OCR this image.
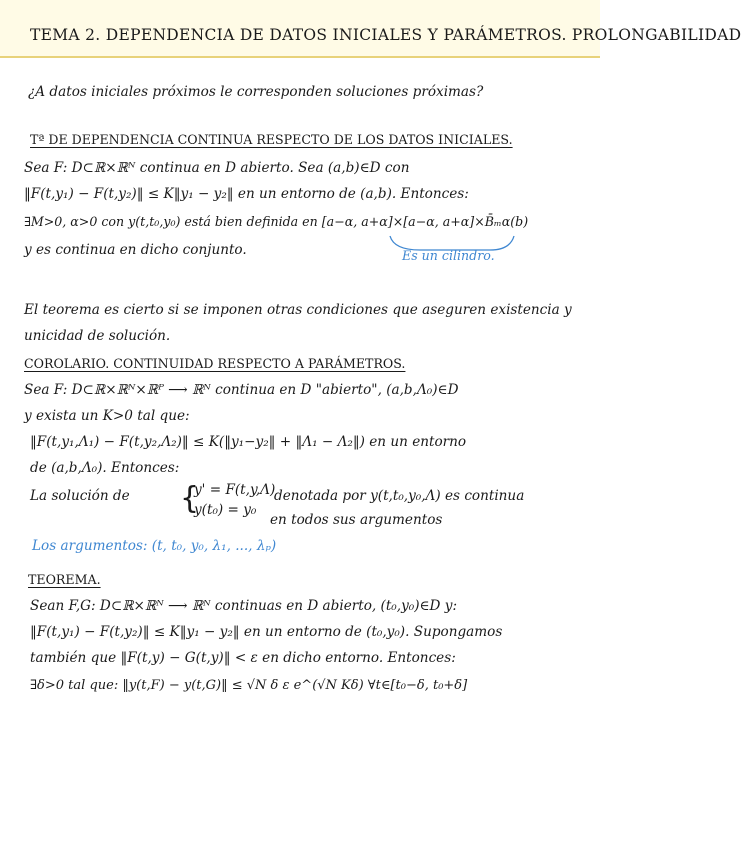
TEMA 2. DEPENDENCIA DE DATOS INICIALES Y PARÁMETROS. PROLONGABILIDAD
¿A datos iniciales próximos le corresponden soluciones próximas?
Tª DE DEPENDENCIA CONTINUA RESPECTO DE LOS DATOS INICIALES.
Sea F: D⊂ℝ×ℝᴺ continua en D abierto. Sea (a,b)∈D con
‖F(t,y₁) − F(t,y₂)‖ ≤ K‖y₁ − y₂‖ en un entorno de (a,b). Entonces:
∃M>0, α>0 con y(t,t₀,y₀) está bien definida en [a−α, a+α]×[a−α, a+α]×B̄ₘα(b)
y es continua en dicho conjunto.	Es un cilindro.
El teorema es cierto si se imponen otras condiciones que aseguren existencia y
unicidad de solución.
COROLARIO. CONTINUIDAD RESPECTO A PARÁMETROS.
Sea F: D⊂ℝ×ℝᴺ×ℝᴾ ⟶ ℝᴺ continua en D "abierto", (a,b,Λ₀)∈D
y exista un K>0 tal que:
‖F(t,y₁,Λ₁) − F(t,y₂,Λ₂)‖ ≤ K(‖y₁−y₂‖ + ‖Λ₁ − Λ₂‖) en un entorno
de (a,b,Λ₀). Entonces:
La solución de {
y' = F(t,y,Λ)
y(t₀) = y₀
denotada por y(t,t₀,y₀,Λ) es continua
en todos sus argumentos
Los argumentos: (t, t₀, y₀, λ₁, ..., λₚ)
TEOREMA.
Sean F,G: D⊂ℝ×ℝᴺ ⟶ ℝᴺ continuas en D abierto, (t₀,y₀)∈D y:
‖F(t,y₁) − F(t,y₂)‖ ≤ K‖y₁ − y₂‖ en un entorno de (t₀,y₀). Supongamos
también que ‖F(t,y) − G(t,y)‖ < ε en dicho entorno. Entonces:
∃δ>0 tal que: ‖y(t,F) − y(t,G)‖ ≤ √N δ ε e^(√N Kδ) ∀t∈[t₀−δ, t₀+δ]
